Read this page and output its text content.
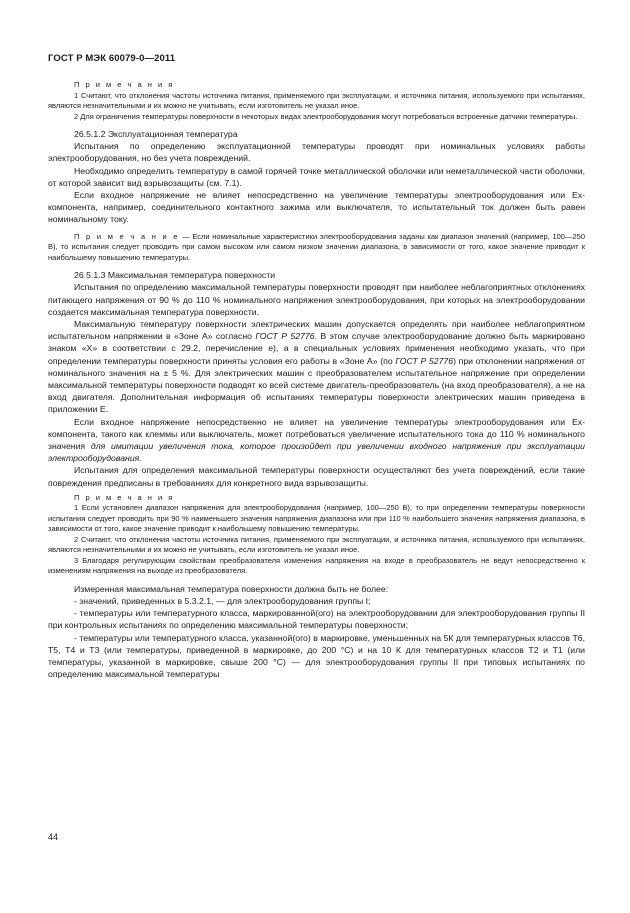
ГОСТ Р МЭК 60079-0—2011

П р и м е ч а н и я

1 Считают, что отклонения частоты источника питания, применяемого при эксплуатации, и источника питания, используемого при испытаниях, являются незначительными и их можно не учитывать, если изготовитель не указал иное.

2 Для ограничения температуры поверхности в некоторых видах электрооборудования могут потребоваться встроенные датчики температуры.

26.5.1.2 Эксплуатационная температура

Испытания по определению эксплуатационной температуры проводят при номинальных условиях работы электрооборудования, но без учета повреждений.

Необходимо определить температуру в самой горячей точке металлической оболочки или неметаллической части оболочки, от которой зависит вид взрывозащиты (см. 7.1).

Если входное напряжение не влияет непосредственно на увеличение температуры электрооборудования или Ex-компонента, например, соединительного контактного зажима или выключателя, то испытательный ток должен быть равен номинальному току.

П р и м е ч а н и е — Если номинальные характеристики электрооборудования заданы как диапазон значений (например, 100—250 В), то испытания следует проводить при самом высоком или самом низком значении диапазона, в зависимости от того, какое значение приводит к наибольшему повышению температуры.

26.5.1.3 Максимальная температура поверхности

Испытания по определению максимальной температуры поверхности проводят при наиболее неблагоприятных отклонениях питающего напряжения от 90 % до 110 % номинального напряжения электрооборудования, при которых на электрооборудовании создается максимальная температура поверхности.

Максимальную температуру поверхности электрических машин допускается определять при наиболее неблагоприятном испытательном напряжении в «Зоне А» согласно ГОСТ Р 52776. В этом случае электрооборудование должно быть маркировано знаком «X» в соответствии с 29.2, перечисление е), а в специальных условиях применения необходимо указать, что при определении температуры поверхности приняты условия его работы в «Зоне А» (по ГОСТ Р 52776) при отклонении напряжения от номинального значения на ± 5 %. Для электрических машин с преобразователем испытательное напряжение при определении максимальной температуры поверхности подводят ко всей системе двигатель-преобразователь (на вход преобразователя), а не на вход двигателя. Дополнительная информация об испытаниях температуры поверхности электрических машин приведена в приложении Е.

Если входное напряжение непосредственно не влияет на увеличение температуры электрооборудования или Ex-компонента, такого как клеммы или выключатель, может потребоваться увеличение испытательного тока до 110 % номинального значения для имитации увеличения тока, которое произойдет при увеличении входного напряжения при эксплуатации электрооборудования.

Испытания для определения максимальной температуры поверхности осуществляют без учета повреждений, если такие повреждения предписаны в требованиях для конкретного вида взрывозащиты.

П р и м е ч а н и я

1 Если установлен диапазон напряжения для электрооборудования (например, 100—250 В), то при определении температуры поверхности испытания следует проводить при 90 % наименьшего значения напряжения диапазона или при 110 % наибольшего значения напряжения диапазона, в зависимости от того, какое значение приводит к наибольшему повышению температуры.

2 Считают, что отклонения частоты источника питания, применяемого при эксплуатации, и источника питания, используемого при испытаниях, являются незначительными и их можно не учитывать, если изготовитель не указал иное.

3 Благодаря регулирующим свойствам преобразователя изменения напряжения на входе в преобразователь не ведут непосредственно к изменениям напряжения на выходе из преобразователя.

Измеренная максимальная температура поверхности должна быть не более:

- значений, приведенных в 5.3.2.1, — для электрооборудования группы I;

- температуры или температурного класса, маркированной(ого) на электрооборудовании для электрооборудования группы II при контрольных испытаниях по определению максимальной температуры поверхности;

- температуры или температурного класса, указанной(ого) в маркировке, уменьшенных на 5К для температурных классов Т6, Т5, Т4 и Т3 (или температуры, приведенной в маркировке, до 200 °С) и на 10 К для температурных классов Т2 и Т1 (или температуры, указанной в маркировке, свыше 200 °С) — для электрооборудования группы II при типовых испытаниях по определению максимальной температуры

44
